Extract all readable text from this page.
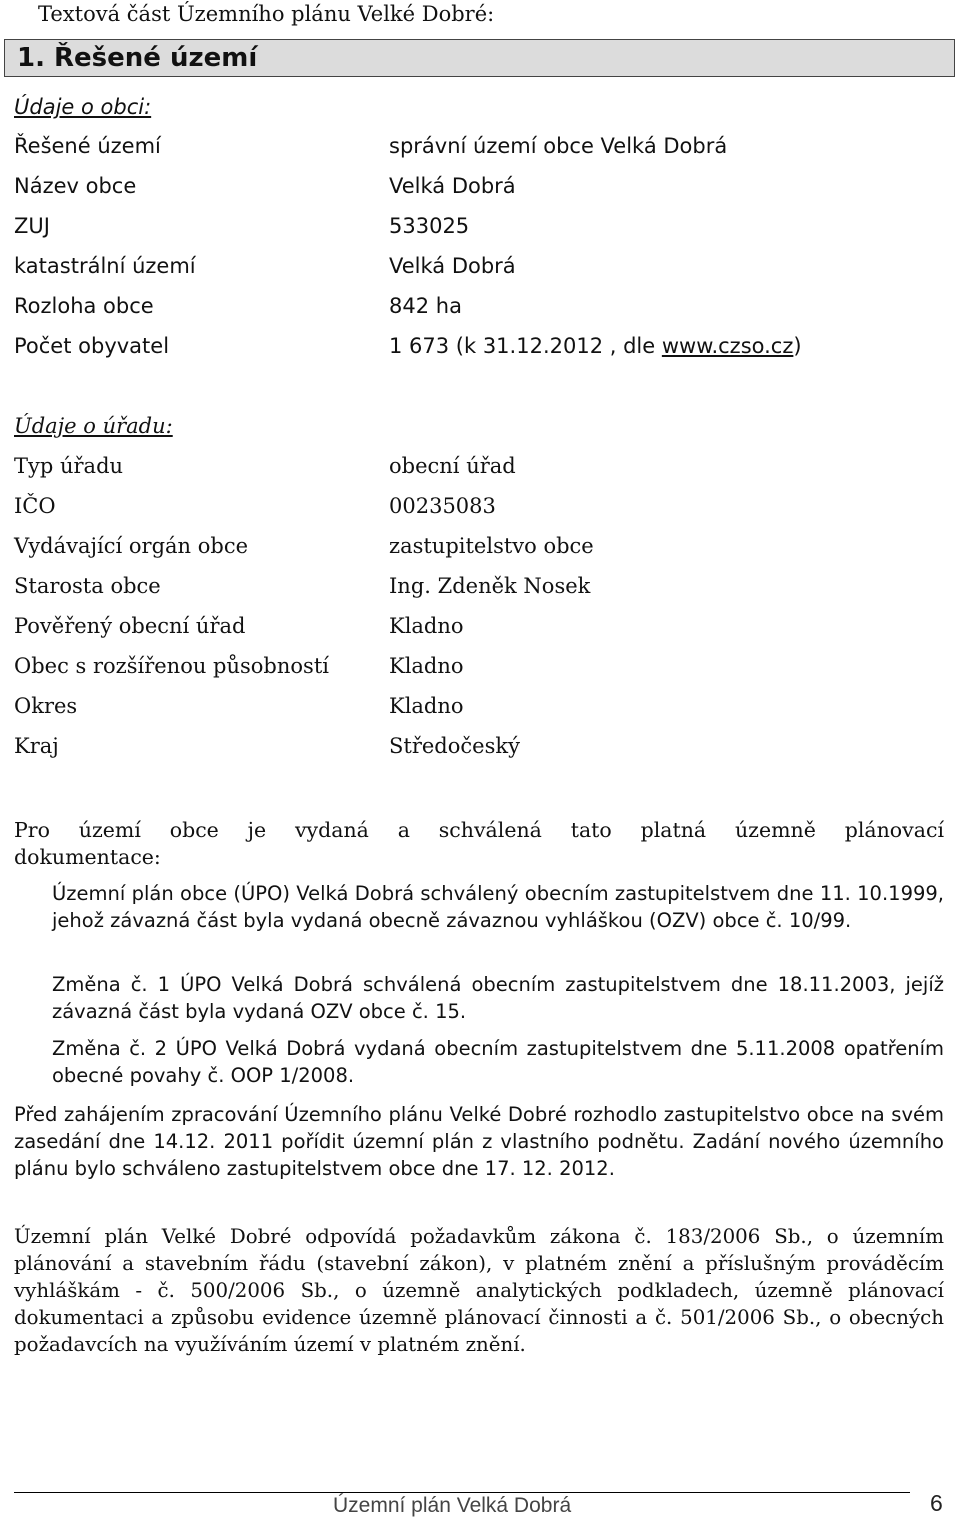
Textová část Územního plánu Velké Dobré:
1. Řešené území
Údaje o obci:
Řešené území	správní území obce Velká Dobrá
Název obce	Velká Dobrá
ZUJ	533025
katastrální území	Velká Dobrá
Rozloha obce	842 ha
Počet obyvatel	1 673 (k 31.12.2012 , dle www.czso.cz)
Údaje o úřadu:
Typ úřadu	obecní úřad
IČO	00235083
Vydávající orgán obce	zastupitelstvo obce
Starosta obce	Ing. Zdeněk Nosek
Pověřený obecní úřad	Kladno
Obec s rozšířenou působností	Kladno
Okres	Kladno
Kraj	Středočeský

Pro území obce je vydaná a schválená tato platná územně plánovací

dokumentace:

Územní plán obce (ÚPO) Velká Dobrá schválený obecním zastupitelstvem dne 11. 10.1999, jehož závazná část byla vydaná obecně závaznou vyhláškou (OZV) obce č. 10/99.
Změna č. 1 ÚPO Velká Dobrá schválená obecním zastupitelstvem dne 18.11.2003, jejíž závazná část byla vydaná OZV obce č. 15.
Změna č. 2 ÚPO Velká Dobrá vydaná obecním zastupitelstvem dne 5.11.2008 opatřením obecné povahy č. OOP 1/2008.
Před zahájením zpracování Územního plánu Velké Dobré rozhodlo zastupitelstvo obce na svém zasedání dne 14.12. 2011 pořídit územní plán z vlastního podnětu. Zadání nového územního plánu bylo schváleno zastupitelstvem obce dne 17. 12. 2012.
Územní plán Velké Dobré odpovídá požadavkům zákona č. 183/2006 Sb., o územním plánování a stavebním řádu (stavební zákon), v platném znění a příslušným prováděcím vyhláškám - č. 500/2006 Sb., o územně analytických podkladech, územně plánovací dokumentaci a způsobu evidence územně plánovací činnosti a č. 501/2006 Sb., o obecných požadavcích na využíváním území v platném znění.
Územní plán Velká Dobrá	6
